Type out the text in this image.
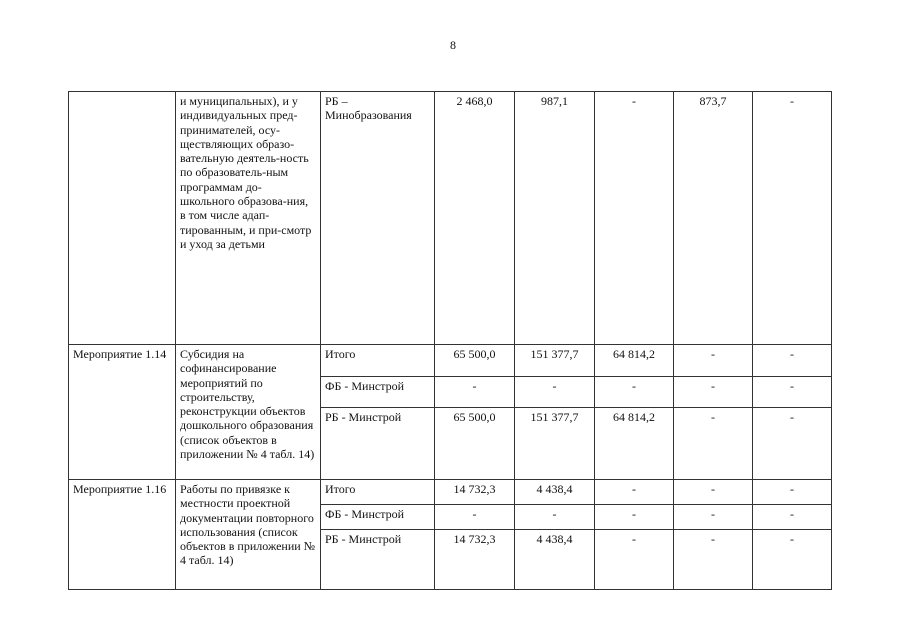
8
	и муниципальных), и у индивидуальных пред-принимателей, осу-ществляющих образо-вательную деятель-ность по образователь-ным программам до-школьного образова-ния, в том числе адап-тированным, и при-смотр и уход за детьми	РБ – Минобразования	2 468,0	987,1	-	873,7	-
Мероприятие 1.14	Субсидия на софинансирование мероприятий по строительству, реконструкции объектов дошкольного образования (список объектов в приложении № 4 табл. 14)	Итого	65 500,0	151 377,7	64 814,2	-	-
		ФБ - Минстрой	-	-	-	-	-
		РБ - Минстрой	65 500,0	151 377,7	64 814,2	-	-
Мероприятие 1.16	Работы по привязке к местности проектной документации повторного использования (список объектов в приложении № 4 табл. 14)	Итого	14 732,3	4 438,4	-	-	-
		ФБ - Минстрой	-	-	-	-	-
		РБ - Минстрой	14 732,3	4 438,4	-	-	-
